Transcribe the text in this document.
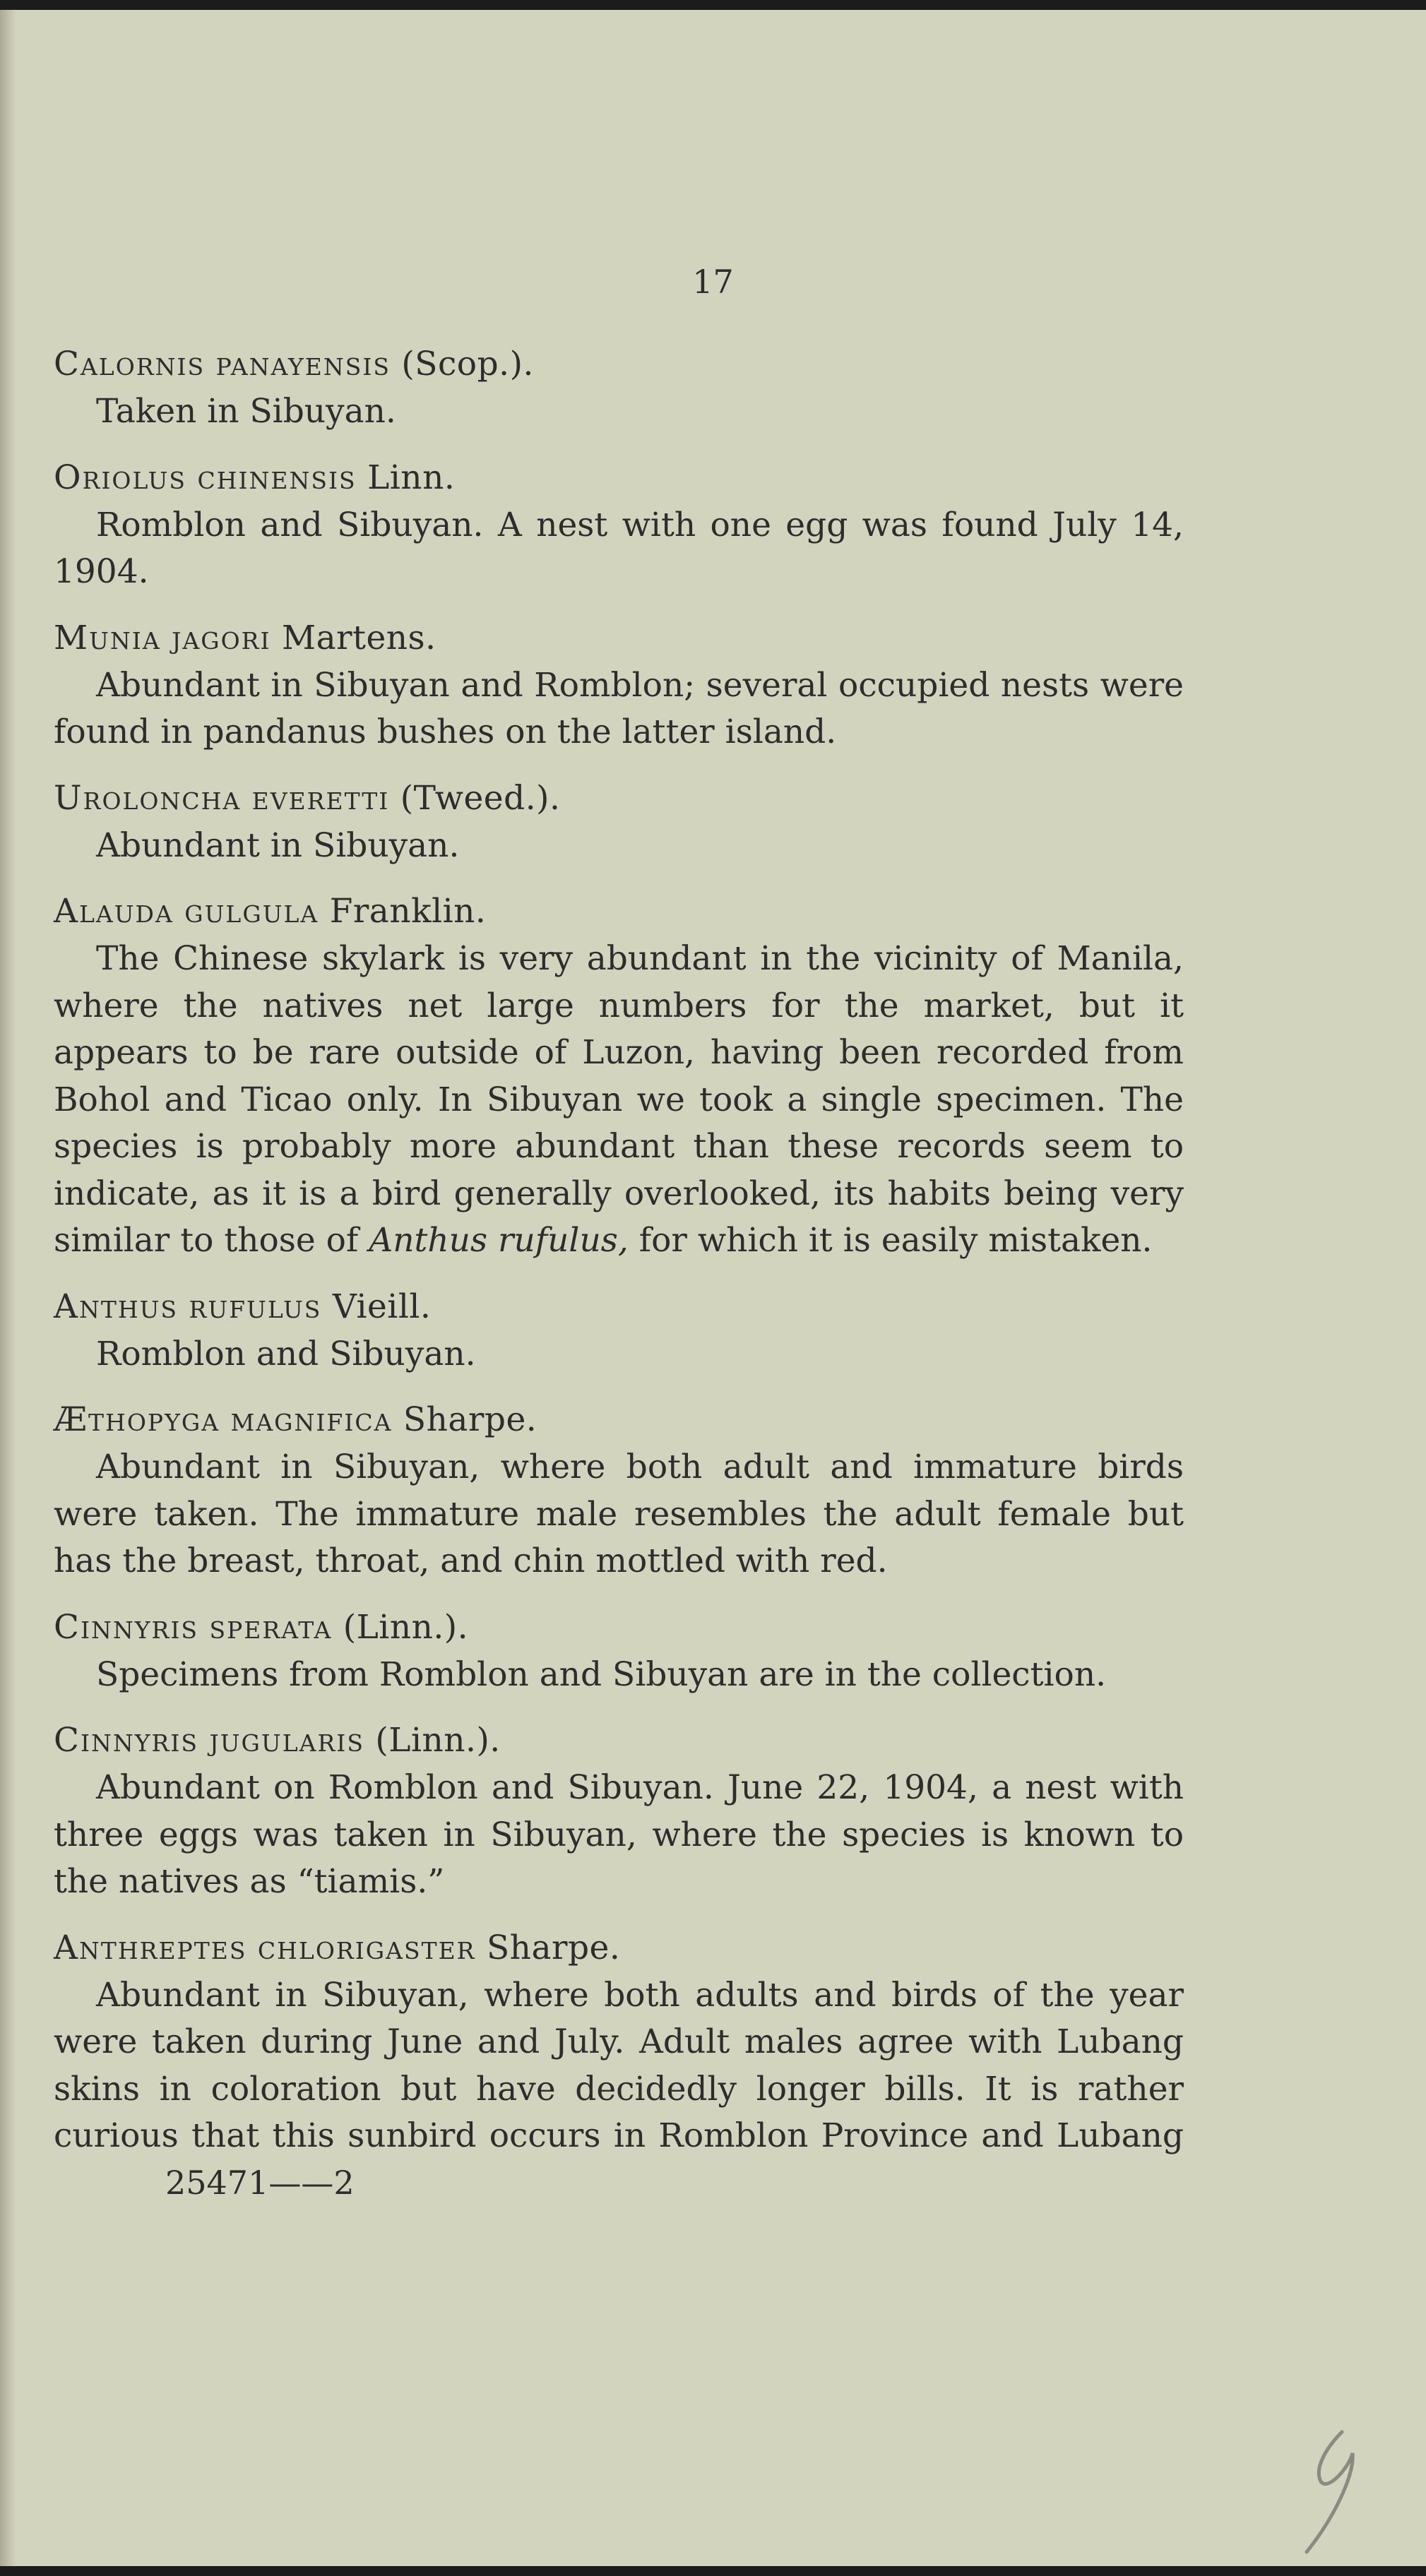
17
Calornis panayensis (Scop.).

Taken in Sibuyan.

Oriolus chinensis Linn.

Romblon and Sibuyan. A nest with one egg was found July 14, 1904.

Munia jagori Martens.

Abundant in Sibuyan and Romblon; several occupied nests were found in pandanus bushes on the latter island.

Uroloncha everetti (Tweed.).

Abundant in Sibuyan.

Alauda gulgula Franklin.

The Chinese skylark is very abundant in the vicinity of Manila, where the natives net large numbers for the market, but it appears to be rare outside of Luzon, having been recorded from Bohol and Ticao only. In Sibuyan we took a single specimen. The species is probably more abundant than these records seem to indicate, as it is a bird generally overlooked, its habits being very similar to those of Anthus rufulus, for which it is easily mistaken.

Anthus rufulus Vieill.

Romblon and Sibuyan.

Æthopyga magnifica Sharpe.

Abundant in Sibuyan, where both adult and immature birds were taken. The immature male resembles the adult female but has the breast, throat, and chin mottled with red.

Cinnyris sperata (Linn.).

Specimens from Romblon and Sibuyan are in the collection.

Cinnyris jugularis (Linn.).

Abundant on Romblon and Sibuyan. June 22, 1904, a nest with three eggs was taken in Sibuyan, where the species is known to the natives as “tiamis.”

Anthreptes chlorigaster Sharpe.

Abundant in Sibuyan, where both adults and birds of the year were taken during June and July. Adult males agree with Lubang skins in coloration but have decidedly longer bills. It is rather curious that this sunbird occurs in Romblon Province and Lubang

25471——2
